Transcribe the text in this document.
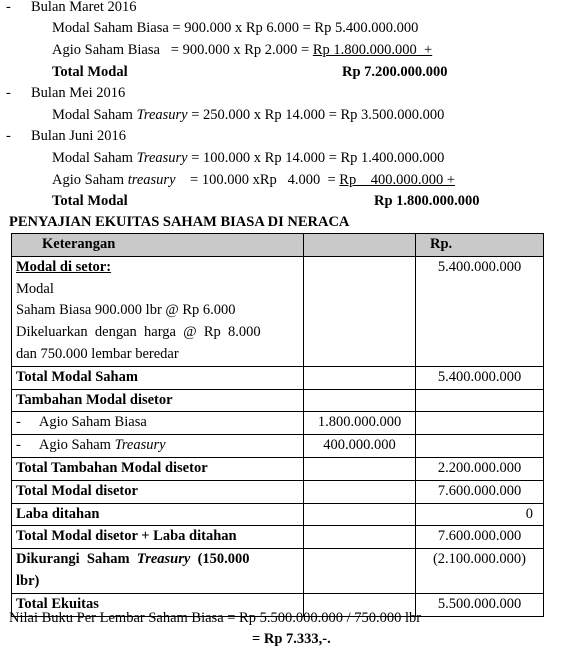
- Bulan Maret 2016
Modal Saham Biasa = 900.000 x Rp 6.000 = Rp 5.400.000.000
Agio Saham Biasa   = 900.000 x Rp 2.000 = Rp 1.800.000.000  +
Total Modal	Rp 7.200.000.000
- Bulan Mei 2016
Modal Saham Treasury = 250.000 x Rp 14.000 = Rp 3.500.000.000
- Bulan Juni 2016
Modal Saham Treasury = 100.000 x Rp 14.000 = Rp 1.400.000.000
Agio Saham treasury    = 100.000 xRp   4.000  = Rp    400.000.000 +
Total Modal	Rp 1.800.000.000
PENYAJIAN EKUITAS SAHAM BIASA DI NERACA
Keterangan		Rp.

Modal di setor:
Modal
Saham Biasa 900.000 lbr @ Rp 6.000
Dikeluarkan  dengan  harga  @  Rp  8.000
dan 750.000 lembar beredar		5.400.000.000
Total Modal Saham		5.400.000.000
Tambahan Modal disetor		
- Agio Saham Biasa	1.800.000.000	
- Agio Saham Treasury	400.000.000	
Total Tambahan Modal disetor		2.200.000.000
Total Modal disetor		7.600.000.000
Laba ditahan		0
Total Modal disetor + Laba ditahan		7.600.000.000

Dikurangi  Saham  Treasury  (150.000
lbr)		(2.100.000.000)
Total Ekuitas		5.500.000.000
Nilai Buku Per Lembar Saham Biasa = Rp 5.500.000.000 / 750.000 lbr
= Rp 7.333,-.
